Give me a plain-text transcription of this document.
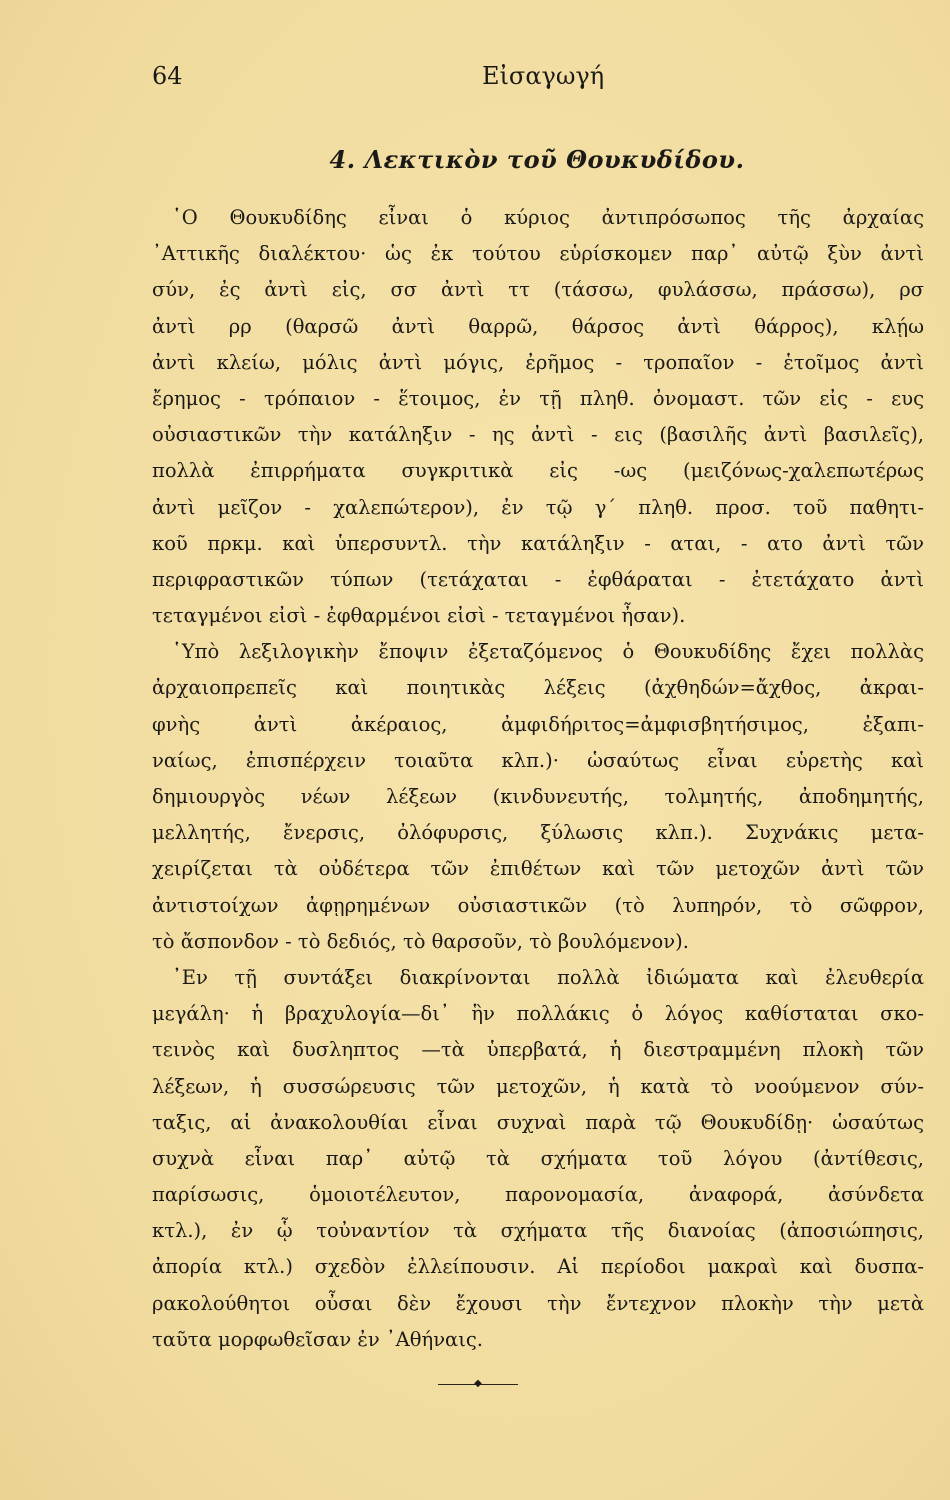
64	Εἰσαγωγή
4. Λεκτικὸν τοῦ Θουκυδίδου.
῾Ο Θουκυδίδης εἶναι ὁ κύριος ἀντιπρόσωπος τῆς ἀρχαίας
᾽Αττικῆς διαλέκτου· ὡς ἐκ τούτου εὑρίσκομεν παρ᾽ αὐτῷ ξὺν ἀντὶ
σύν, ἐς ἀντὶ εἰς, σσ ἀντὶ ττ (τάσσω, φυλάσσω, πράσσω), ρσ
ἀντὶ ρρ (θαρσῶ ἀντὶ θαρρῶ, θάρσος ἀντὶ θάρρος), κλῄω
ἀντὶ κλείω, μόλις ἀντὶ μόγις, ἐρῆμος - τροπαῖον - ἑτοῖμος ἀντὶ
ἔρημος - τρόπαιον - ἕτοιμος, ἐν τῇ πληθ. ὀνομαστ. τῶν εἰς - ευς
οὐσιαστικῶν τὴν κατάληξιν - ης ἀντὶ - εις (βασιλῆς ἀντὶ βασιλεῖς),
πολλὰ ἐπιρρήματα συγκριτικὰ εἰς -ως (μειζόνως-χαλεπωτέρως
ἀντὶ μεῖζον - χαλεπώτερον), ἐν τῷ γ΄ πληθ. προσ. τοῦ παθητι-
κοῦ πρκμ. καὶ ὑπερσυντλ. τὴν κατάληξιν - αται, - ατο ἀντὶ τῶν
περιφραστικῶν τύπων (τετάχαται - ἐφθάραται - ἐτετάχατο ἀντὶ
τεταγμένοι εἰσὶ - ἐφθαρμένοι εἰσὶ - τεταγμένοι ἦσαν).
῾Υπὸ λεξιλογικὴν ἔποψιν ἐξεταζόμενος ὁ Θουκυδίδης ἔχει πολλὰς
ἀρχαιοπρεπεῖς καὶ ποιητικὰς λέξεις (ἀχθηδών=ἄχθος, ἀκραι-
φνὴς ἀντὶ ἀκέραιος, ἀμφιδήριτος=ἀμφισβητήσιμος, ἐξαπι-
ναίως, ἐπισπέρχειν τοιαῦτα κλπ.)· ὡσαύτως εἶναι εὑρετὴς καὶ
δημιουργὸς νέων λέξεων (κινδυνευτής, τολμητής, ἀποδημητής,
μελλητής, ἔνερσις, ὀλόφυρσις, ξύλωσις κλπ.). Συχνάκις μετα-
χειρίζεται τὰ οὐδέτερα τῶν ἐπιθέτων καὶ τῶν μετοχῶν ἀντὶ τῶν
ἀντιστοίχων ἀφῃρημένων οὐσιαστικῶν (τὸ λυπηρόν, τὸ σῶφρον,
τὸ ἄσπονδον - τὸ δεδιός, τὸ θαρσοῦν, τὸ βουλόμενον).
᾽Εν τῇ συντάξει διακρίνονται πολλὰ ἰδιώματα καὶ ἐλευθερία
μεγάλη· ἡ βραχυλογία—δι᾽ ἣν πολλάκις ὁ λόγος καθίσταται σκο-
τεινὸς καὶ δυσληπτος —τὰ ὑπερβατά, ἡ διεστραμμένη πλοκὴ τῶν
λέξεων, ἡ συσσώρευσις τῶν μετοχῶν, ἡ κατὰ τὸ νοούμενον σύν-
ταξις, αἱ ἀνακολουθίαι εἶναι συχναὶ παρὰ τῷ Θουκυδίδῃ· ὡσαύτως
συχνὰ εἶναι παρ᾽ αὐτῷ τὰ σχήματα τοῦ λόγου (ἀντίθεσις,
παρίσωσις, ὁμοιοτέλευτον, παρονομασία, ἀναφορά, ἀσύνδετα
κτλ.), ἐν ᾧ τοὐναντίον τὰ σχήματα τῆς διανοίας (ἀποσιώπησις,
ἀπορία κτλ.) σχεδὸν ἐλλείπουσιν. Αἱ περίοδοι μακραὶ καὶ δυσπα-
ρακολούθητοι οὖσαι δὲν ἔχουσι τὴν ἔντεχνον πλοκὴν τὴν μετὰ
ταῦτα μορφωθεῖσαν ἐν ᾽Αθήναις.
◆
